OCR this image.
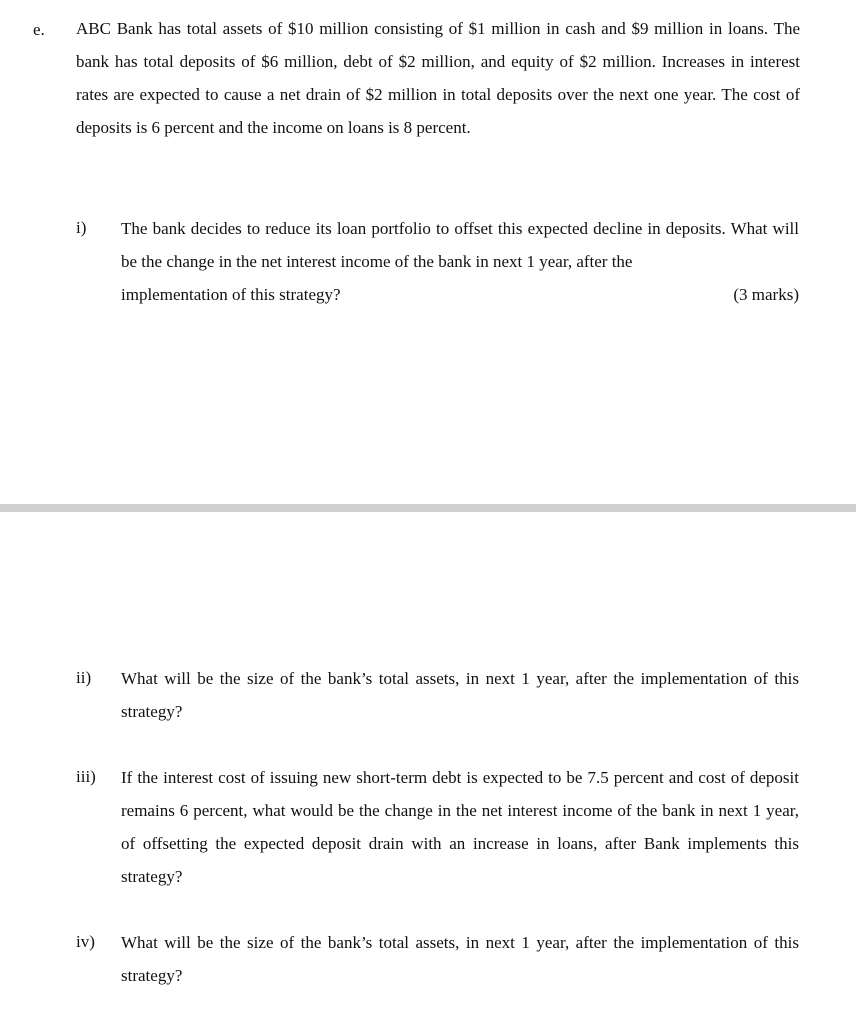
e. ABC Bank has total assets of $10 million consisting of $1 million in cash and $9 million in loans. The bank has total deposits of $6 million, debt of $2 million, and equity of $2 million. Increases in interest rates are expected to cause a net drain of $2 million in total deposits over the next one year. The cost of deposits is 6 percent and the income on loans is 8 percent.

i) The bank decides to reduce its loan portfolio to offset this expected decline in deposits. What will be the change in the net interest income of the bank in next 1 year, after the
implementation of this strategy?	(3 marks)
ii) What will be the size of the bank’s total assets, in next 1 year, after the implementation of this strategy?

iii) If the interest cost of issuing new short-term debt is expected to be 7.5 percent and cost of deposit remains 6 percent, what would be the change in the net interest income of the bank in next 1 year, of offsetting the expected deposit drain with an increase in loans, after Bank implements this strategy?

iv) What will be the size of the bank’s total assets, in next 1 year, after the implementation of this strategy?
